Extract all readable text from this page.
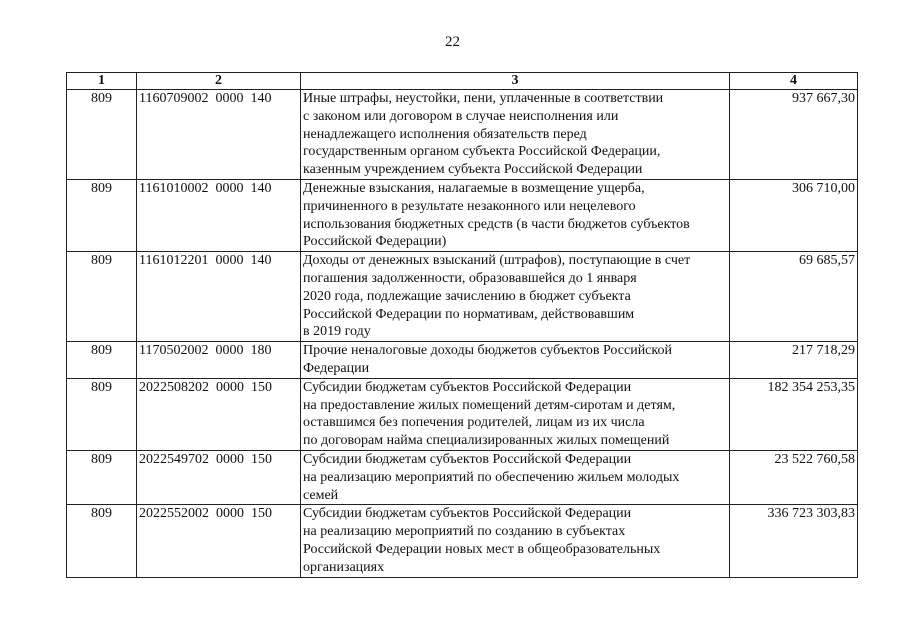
22
1	2	3	4
809	1160709002  0000  140	Иные штрафы, неустойки, пени, уплаченные в соответствии
с законом или договором в случае неисполнения или
ненадлежащего исполнения обязательств перед
государственным органом субъекта Российской Федерации,
казенным учреждением субъекта Российской Федерации	937 667,30
809	1161010002  0000  140	Денежные взыскания, налагаемые в возмещение ущерба,
причиненного в результате незаконного или нецелевого
использования бюджетных средств (в части бюджетов субъектов
Российской Федерации)	306 710,00
809	1161012201  0000  140	Доходы от денежных взысканий (штрафов), поступающие в счет
погашения задолженности, образовавшейся до 1 января
2020 года, подлежащие зачислению в бюджет субъекта
Российской Федерации по нормативам, действовавшим
в 2019 году	69 685,57
809	1170502002  0000  180	Прочие неналоговые доходы бюджетов субъектов Российской
Федерации	217 718,29
809	2022508202  0000  150	Субсидии бюджетам субъектов Российской Федерации
на предоставление жилых помещений детям-сиротам и детям,
оставшимся без попечения родителей, лицам из их числа
по договорам найма специализированных жилых помещений	182 354 253,35
809	2022549702  0000  150	Субсидии бюджетам субъектов Российской Федерации
на реализацию мероприятий по обеспечению жильем молодых
семей	23 522 760,58
809	2022552002  0000  150	Субсидии бюджетам субъектов Российской Федерации
на реализацию мероприятий по созданию в субъектах
Российской Федерации новых мест в общеобразовательных
организациях	336 723 303,83
